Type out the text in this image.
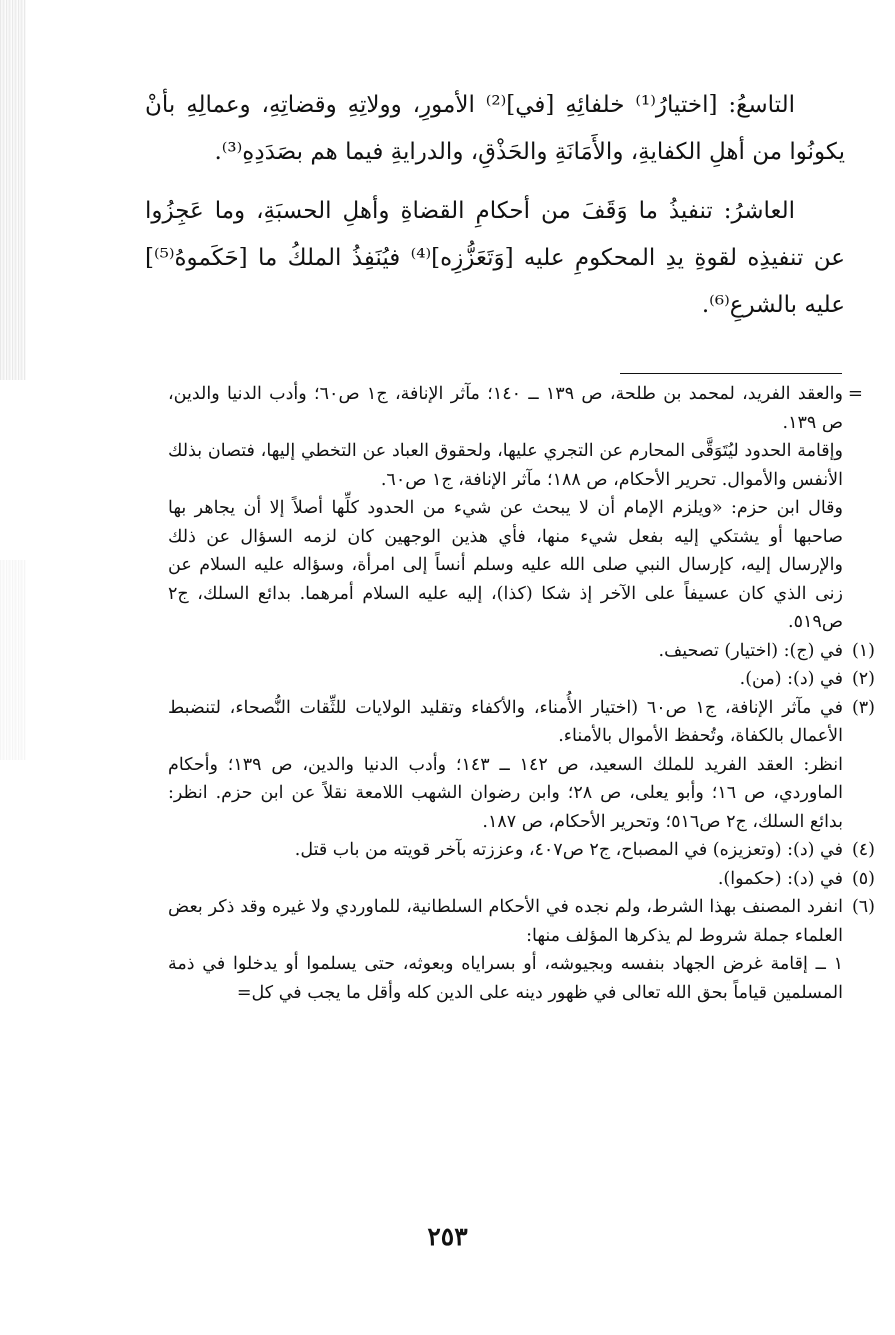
التاسعُ: [اختيارُ⁽¹⁾ خلفائِهِ [في]⁽²⁾ الأمورِ، وولاتِهِ وقضاتِهِ، وعمالِهِ بأنْ يكونُوا من أهلِ الكفايةِ، والأَمَانَةِ والحَذْقِ، والدرايةِ فيما هم بصَدَدِهِ⁽³⁾.

العاشرُ: تنفيذُ ما وَقَفَ من أحكامِ القضاةِ وأهلِ الحسبَةِ، وما عَجِزُوا عن تنفيذِه لقوةِ يدِ المحكومِ عليه [وَتَعَزُّزِه]⁽⁴⁾ فيُنَفِذُ الملكُ ما [حَكَموهُ⁽⁵⁾] عليه بالشرعِ⁽⁶⁾.

=

والعقد الفريد، لمحمد بن طلحة، ص ١٣٩ ــ ١٤٠؛ مآثر الإنافة، ج١ ص٦٠؛ وأدب الدنيا والدين، ص ١٣٩.

وإقامة الحدود ليُتَوَقَّى المحارم عن التجري عليها، ولحقوق العباد عن التخطي إليها، فتصان بذلك الأنفس والأموال. تحرير الأحكام، ص ١٨٨؛ مآثر الإنافة، ج١ ص٦٠.

وقال ابن حزم: «ويلزم الإمام أن لا يبحث عن شيء من الحدود كلِّها أصلاً إلا أن يجاهر بها صاحبها أو يشتكي إليه بفعل شيء منها، فأي هذين الوجهين كان لزمه السؤال عن ذلك والإرسال إليه، كإرسال النبي صلى الله عليه وسلم أنساً إلى امرأة، وسؤاله عليه السلام عن زنى الذي كان عسيفاً على الآخر إذ شكا (كذا)، إليه عليه السلام أمرهما. بدائع السلك، ج٢ ص٥١٩.

(١)

في (ج): (اختيار) تصحيف.

(٢)

في (د): (من).

(٣)

في مآثر الإنافة، ج١ ص٦٠ (اختيار الأُمناء، والأكفاء وتقليد الولايات للثِّقات النُّصحاء، لتنضبط الأعمال بالكفاة، وتُحفظ الأموال بالأمناء.

انظر: العقد الفريد للملك السعيد، ص ١٤٢ ــ ١٤٣؛ وأدب الدنيا والدين، ص ١٣٩؛ وأحكام الماوردي، ص ١٦؛ وأبو يعلى، ص ٢٨؛ وابن رضوان الشهب اللامعة نقلاً عن ابن حزم. انظر: بدائع السلك، ج٢ ص٥١٦؛ وتحرير الأحكام، ص ١٨٧.

(٤)

في (د): (وتعزيزه) في المصباح، ج٢ ص٤٠٧، وعززته بآخر قويته من باب قتل.

(٥)

في (د): (حكموا).

(٦)

انفرد المصنف بهذا الشرط، ولم نجده في الأحكام السلطانية، للماوردي ولا غيره وقد ذكر بعض العلماء جملة شروط لم يذكرها المؤلف منها:

١ ــ إقامة غرض الجهاد بنفسه وبجيوشه، أو بسراياه وبعوثه، حتى يسلموا أو يدخلوا في ذمة المسلمين قياماً بحق الله تعالى في ظهور دينه على الدين كله وأقل ما يجب في كل=

٢٥٣
